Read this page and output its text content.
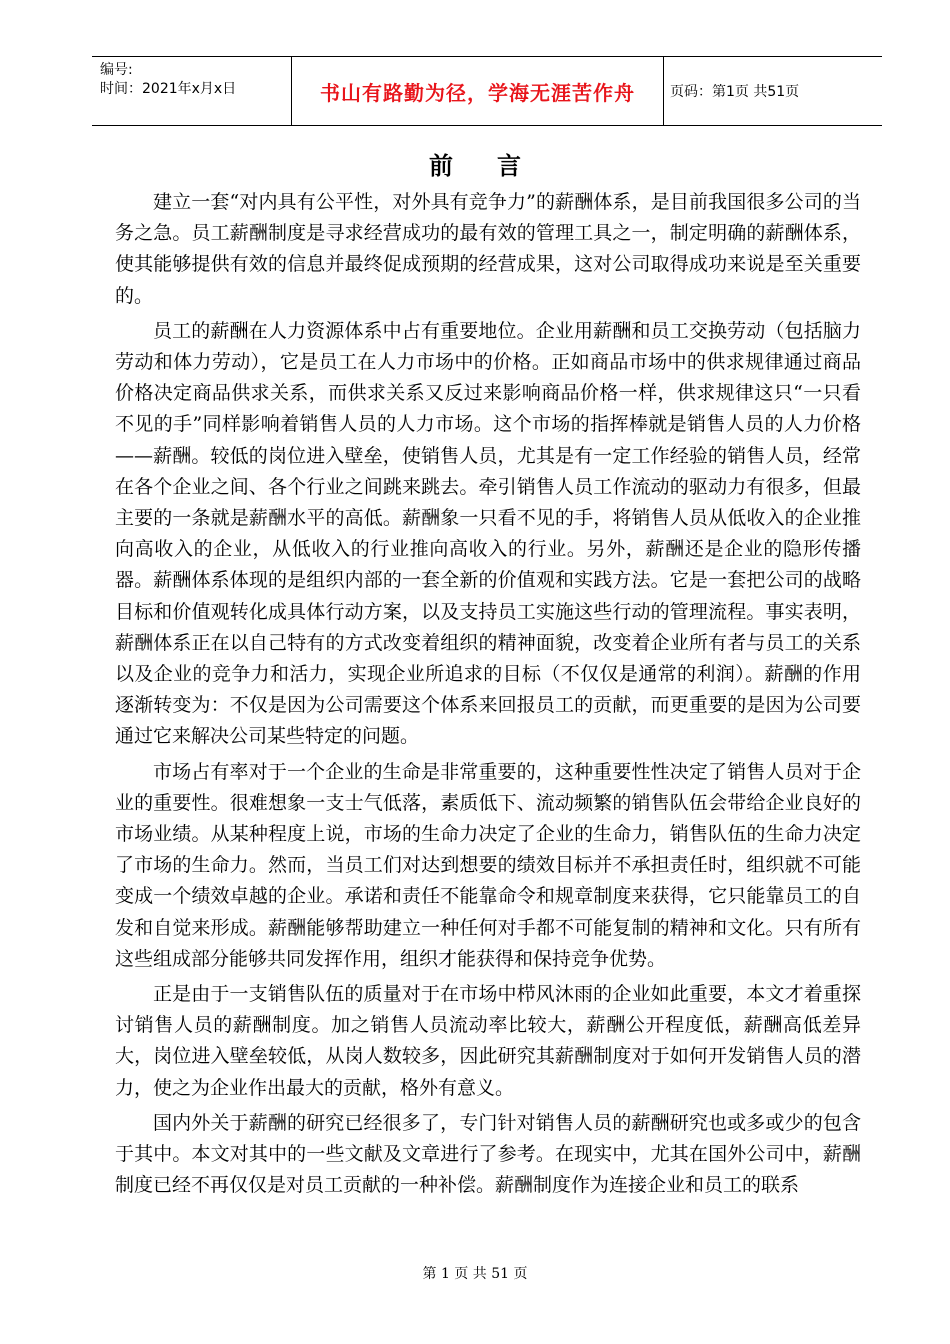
编号:
时间：2021年x月x日	书山有路勤为径，学海无涯苦作舟	页码：第1页 共51页
前言

建立一套“对内具有公平性，对外具有竞争力”的薪酬体系，是目前我国很多公司的当务之急。员工薪酬制度是寻求经营成功的最有效的管理工具之一，制定明确的薪酬体系，使其能够提供有效的信息并最终促成预期的经营成果，这对公司取得成功来说是至关重要的。

员工的薪酬在人力资源体系中占有重要地位。企业用薪酬和员工交换劳动（包括脑力劳动和体力劳动），它是员工在人力市场中的价格。正如商品市场中的供求规律通过商品价格决定商品供求关系，而供求关系又反过来影响商品价格一样，供求规律这只“一只看不见的手”同样影响着销售人员的人力市场。这个市场的指挥棒就是销售人员的人力价格——薪酬。较低的岗位进入壁垒，使销售人员，尤其是有一定工作经验的销售人员，经常在各个企业之间、各个行业之间跳来跳去。牵引销售人员工作流动的驱动力有很多，但最主要的一条就是薪酬水平的高低。薪酬象一只看不见的手，将销售人员从低收入的企业推向高收入的企业，从低收入的行业推向高收入的行业。另外，薪酬还是企业的隐形传播器。薪酬体系体现的是组织内部的一套全新的价值观和实践方法。它是一套把公司的战略目标和价值观转化成具体行动方案，以及支持员工实施这些行动的管理流程。事实表明，薪酬体系正在以自己特有的方式改变着组织的精神面貌，改变着企业所有者与员工的关系以及企业的竞争力和活力，实现企业所追求的目标（不仅仅是通常的利润）。薪酬的作用逐渐转变为：不仅是因为公司需要这个体系来回报员工的贡献，而更重要的是因为公司要通过它来解决公司某些特定的问题。

市场占有率对于一个企业的生命是非常重要的，这种重要性性决定了销售人员对于企业的重要性。很难想象一支士气低落，素质低下、流动频繁的销售队伍会带给企业良好的市场业绩。从某种程度上说，市场的生命力决定了企业的生命力，销售队伍的生命力决定了市场的生命力。然而，当员工们对达到想要的绩效目标并不承担责任时，组织就不可能变成一个绩效卓越的企业。承诺和责任不能靠命令和规章制度来获得，它只能靠员工的自发和自觉来形成。薪酬能够帮助建立一种任何对手都不可能复制的精神和文化。只有所有这些组成部分能够共同发挥作用，组织才能获得和保持竞争优势。

正是由于一支销售队伍的质量对于在市场中栉风沐雨的企业如此重要，本文才着重探讨销售人员的薪酬制度。加之销售人员流动率比较大，薪酬公开程度低，薪酬高低差异大，岗位进入壁垒较低，从岗人数较多，因此研究其薪酬制度对于如何开发销售人员的潜力，使之为企业作出最大的贡献，格外有意义。

国内外关于薪酬的研究已经很多了，专门针对销售人员的薪酬研究也或多或少的包含于其中。本文对其中的一些文献及文章进行了参考。在现实中，尤其在国外公司中，薪酬制度已经不再仅仅是对员工贡献的一种补偿。薪酬制度作为连接企业和员工的联系

第 1 页 共 51 页
